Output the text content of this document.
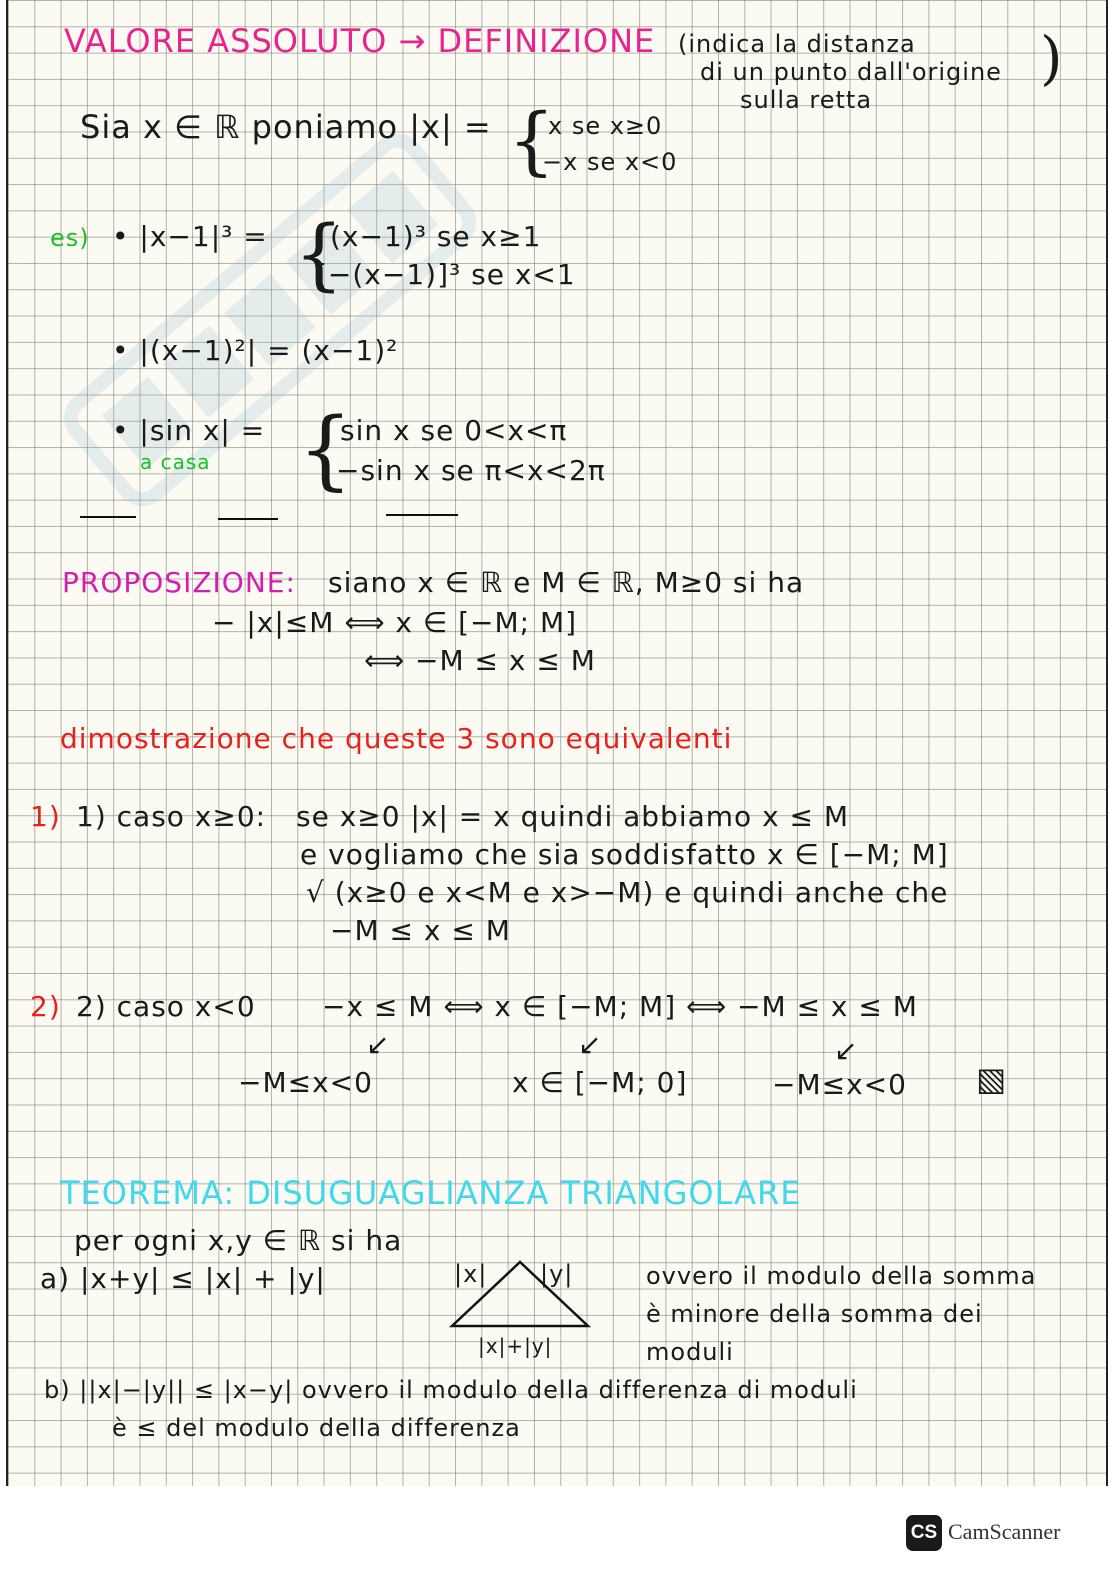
VALORE ASSOLUTO → DEFINIZIONE (indica la distanza
di un punto dall'origine
sulla retta
)
Sia x ∈ ℝ poniamo |x| = {
x se x≥0
−x se x<0
es) • |x−1|³ = {
(x−1)³ se x≥1
[−(x−1)]³ se x<1
• |(x−1)²| = (x−1)²
• |sin x| =
a casa {
sin x se 0<x<π
−sin x se π<x<2π
PROPOSIZIONE: siano x ∈ ℝ e M ∈ ℝ, M≥0 si ha
− |x|≤M ⟺ x ∈ [−M; M]
⟺ −M ≤ x ≤ M
dimostrazione che queste 3 sono equivalenti
1) 1) caso x≥0: se x≥0 |x| = x quindi abbiamo x ≤ M
e vogliamo che sia soddisfatto x ∈ [−M; M]
√ (x≥0 e x<M e x>−M) e quindi anche che
−M ≤ x ≤ M
2) 2) caso x<0 −x ≤ M ⟺ x ∈ [−M; M] ⟺ −M ≤ x ≤ M
↙	↙	↙
−M≤x<0	x ∈ [−M; 0]	−M≤x<0 ▧
TEOREMA: DISUGUAGLIANZA TRIANGOLARE
per ogni x,y ∈ ℝ si ha
a) |x+y| ≤ |x| + |y|	|x| |y|
|x|+|y|
ovvero il modulo della somma
è minore della somma dei
moduli
b) ||x|−|y|| ≤ |x−y| ovvero il modulo della differenza di moduli
è ≤ del modulo della differenza
CS CamScanner
